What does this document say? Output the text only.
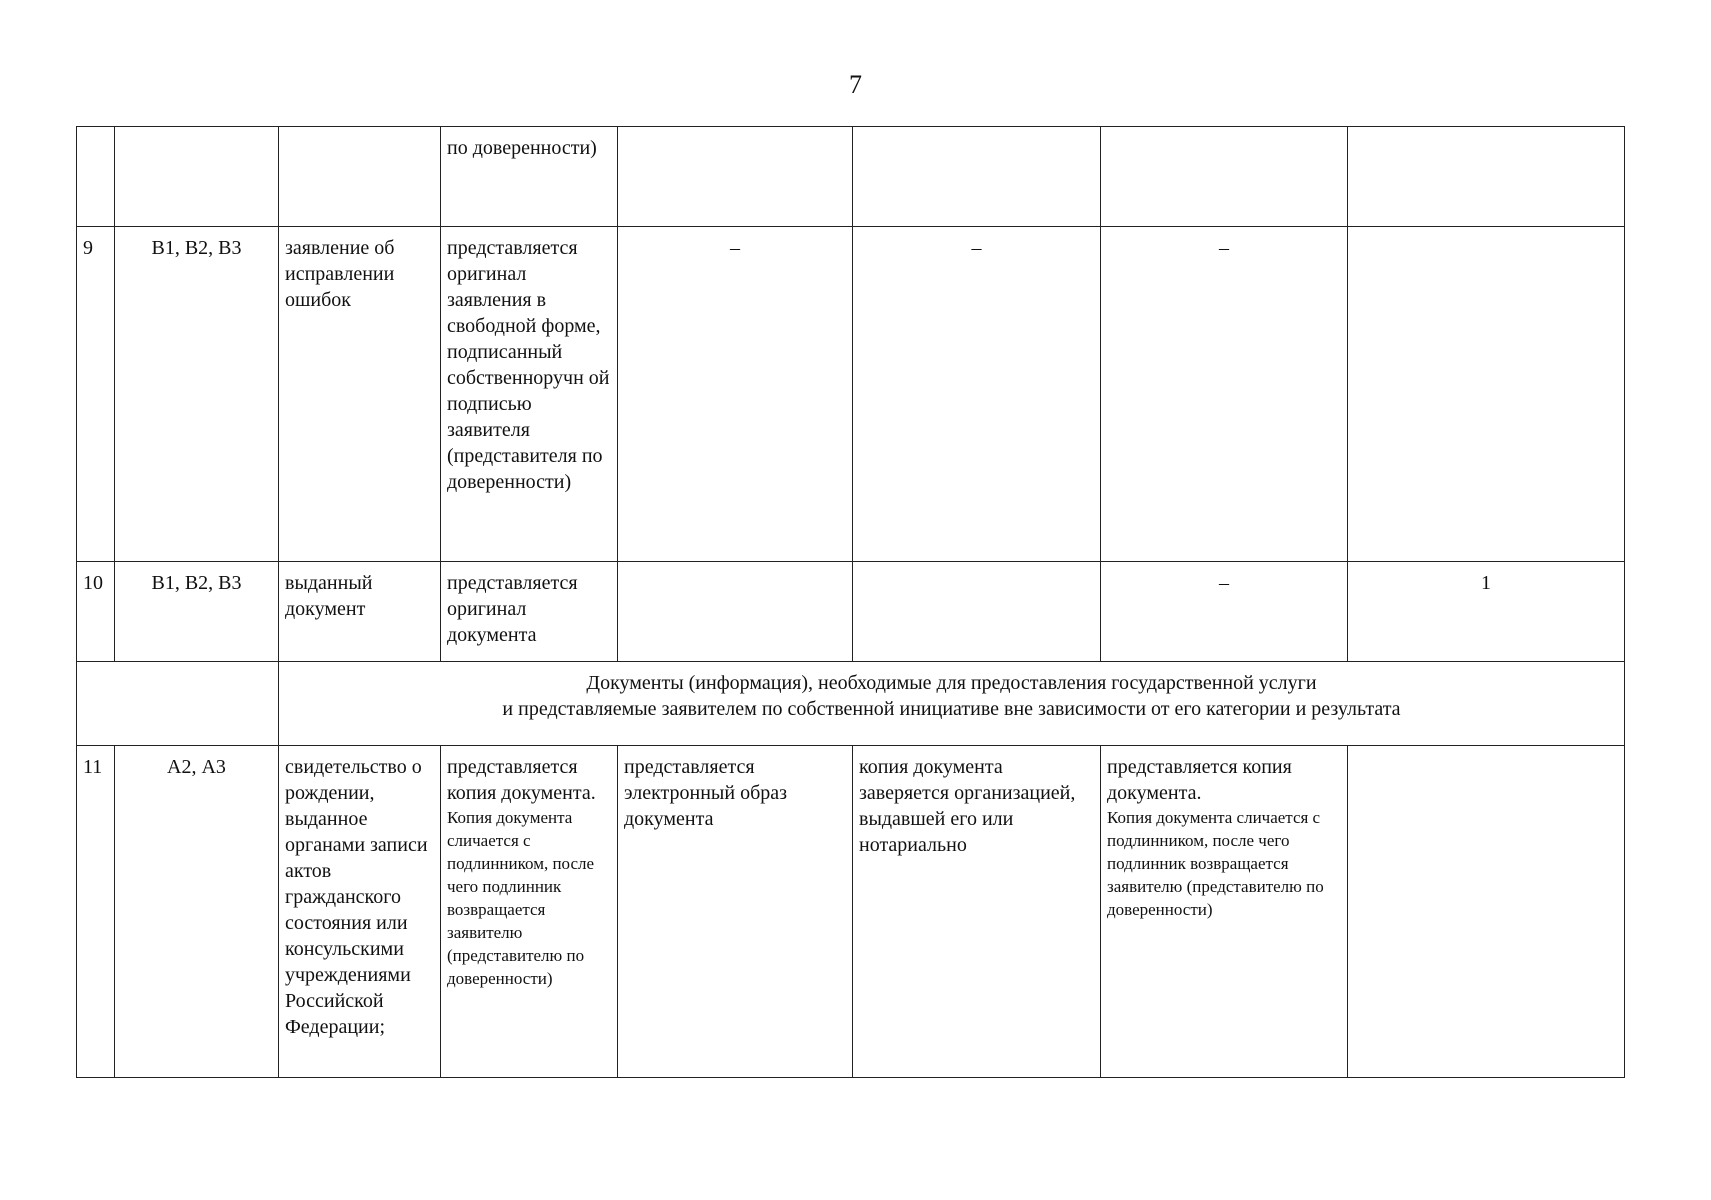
7
			по доверенности)				
9	В1, В2, В3	заявление об исправлении ошибок	представляется оригинал заявления в свободной форме, подписанный собственноручн ой подписью заявителя (представителя по доверенности)	–	–	–	
10	В1, В2, В3	выданный документ	представляется оригинал документа			–	1

		Документы (информация), необходимые для предоставления государственной услуги
и представляемые заявителем по собственной инициативе вне зависимости от его категории и результата					

11	А2, А3	свидетельство о рождении, выданное органами записи актов гражданского состояния или консульскими учреждениями Российской Федерации;	представляется копия документа.
Копия документа сличается с подлинником, после чего подлинник возвращается заявителю (представителю по доверенности)	представляется электронный образ документа	копия документа заверяется организацией, выдавшей его или нотариально	представляется копия документа.
Копия документа сличается с подлинником, после чего подлинник возвращается заявителю (представителю по доверенности)	
